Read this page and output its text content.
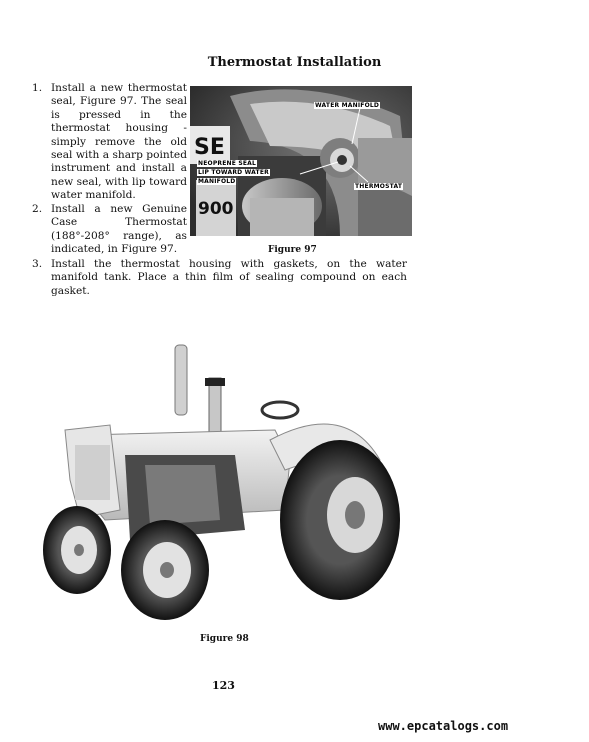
Thermostat Installation
1. Install a new thermostat seal, Figure 97. The seal is pressed in the thermostat housing - simply remove the old seal with a sharp pointed instrument and install a new seal, with lip toward water manifold.
2. Install a new Genuine Case Thermostat (188°-208° range), as indicated, in Figure 97.
3. Install the thermostat housing with gaskets, on the water manifold tank. Place a thin film of sealing compound on each gasket.
SE
900
WATER MANIFOLD
NEOPRENE SEAL
LIP TOWARD WATER
MANIFOLD
THERMOSTAT
Figure 97
Figure 98
123
www.epcatalogs.com
